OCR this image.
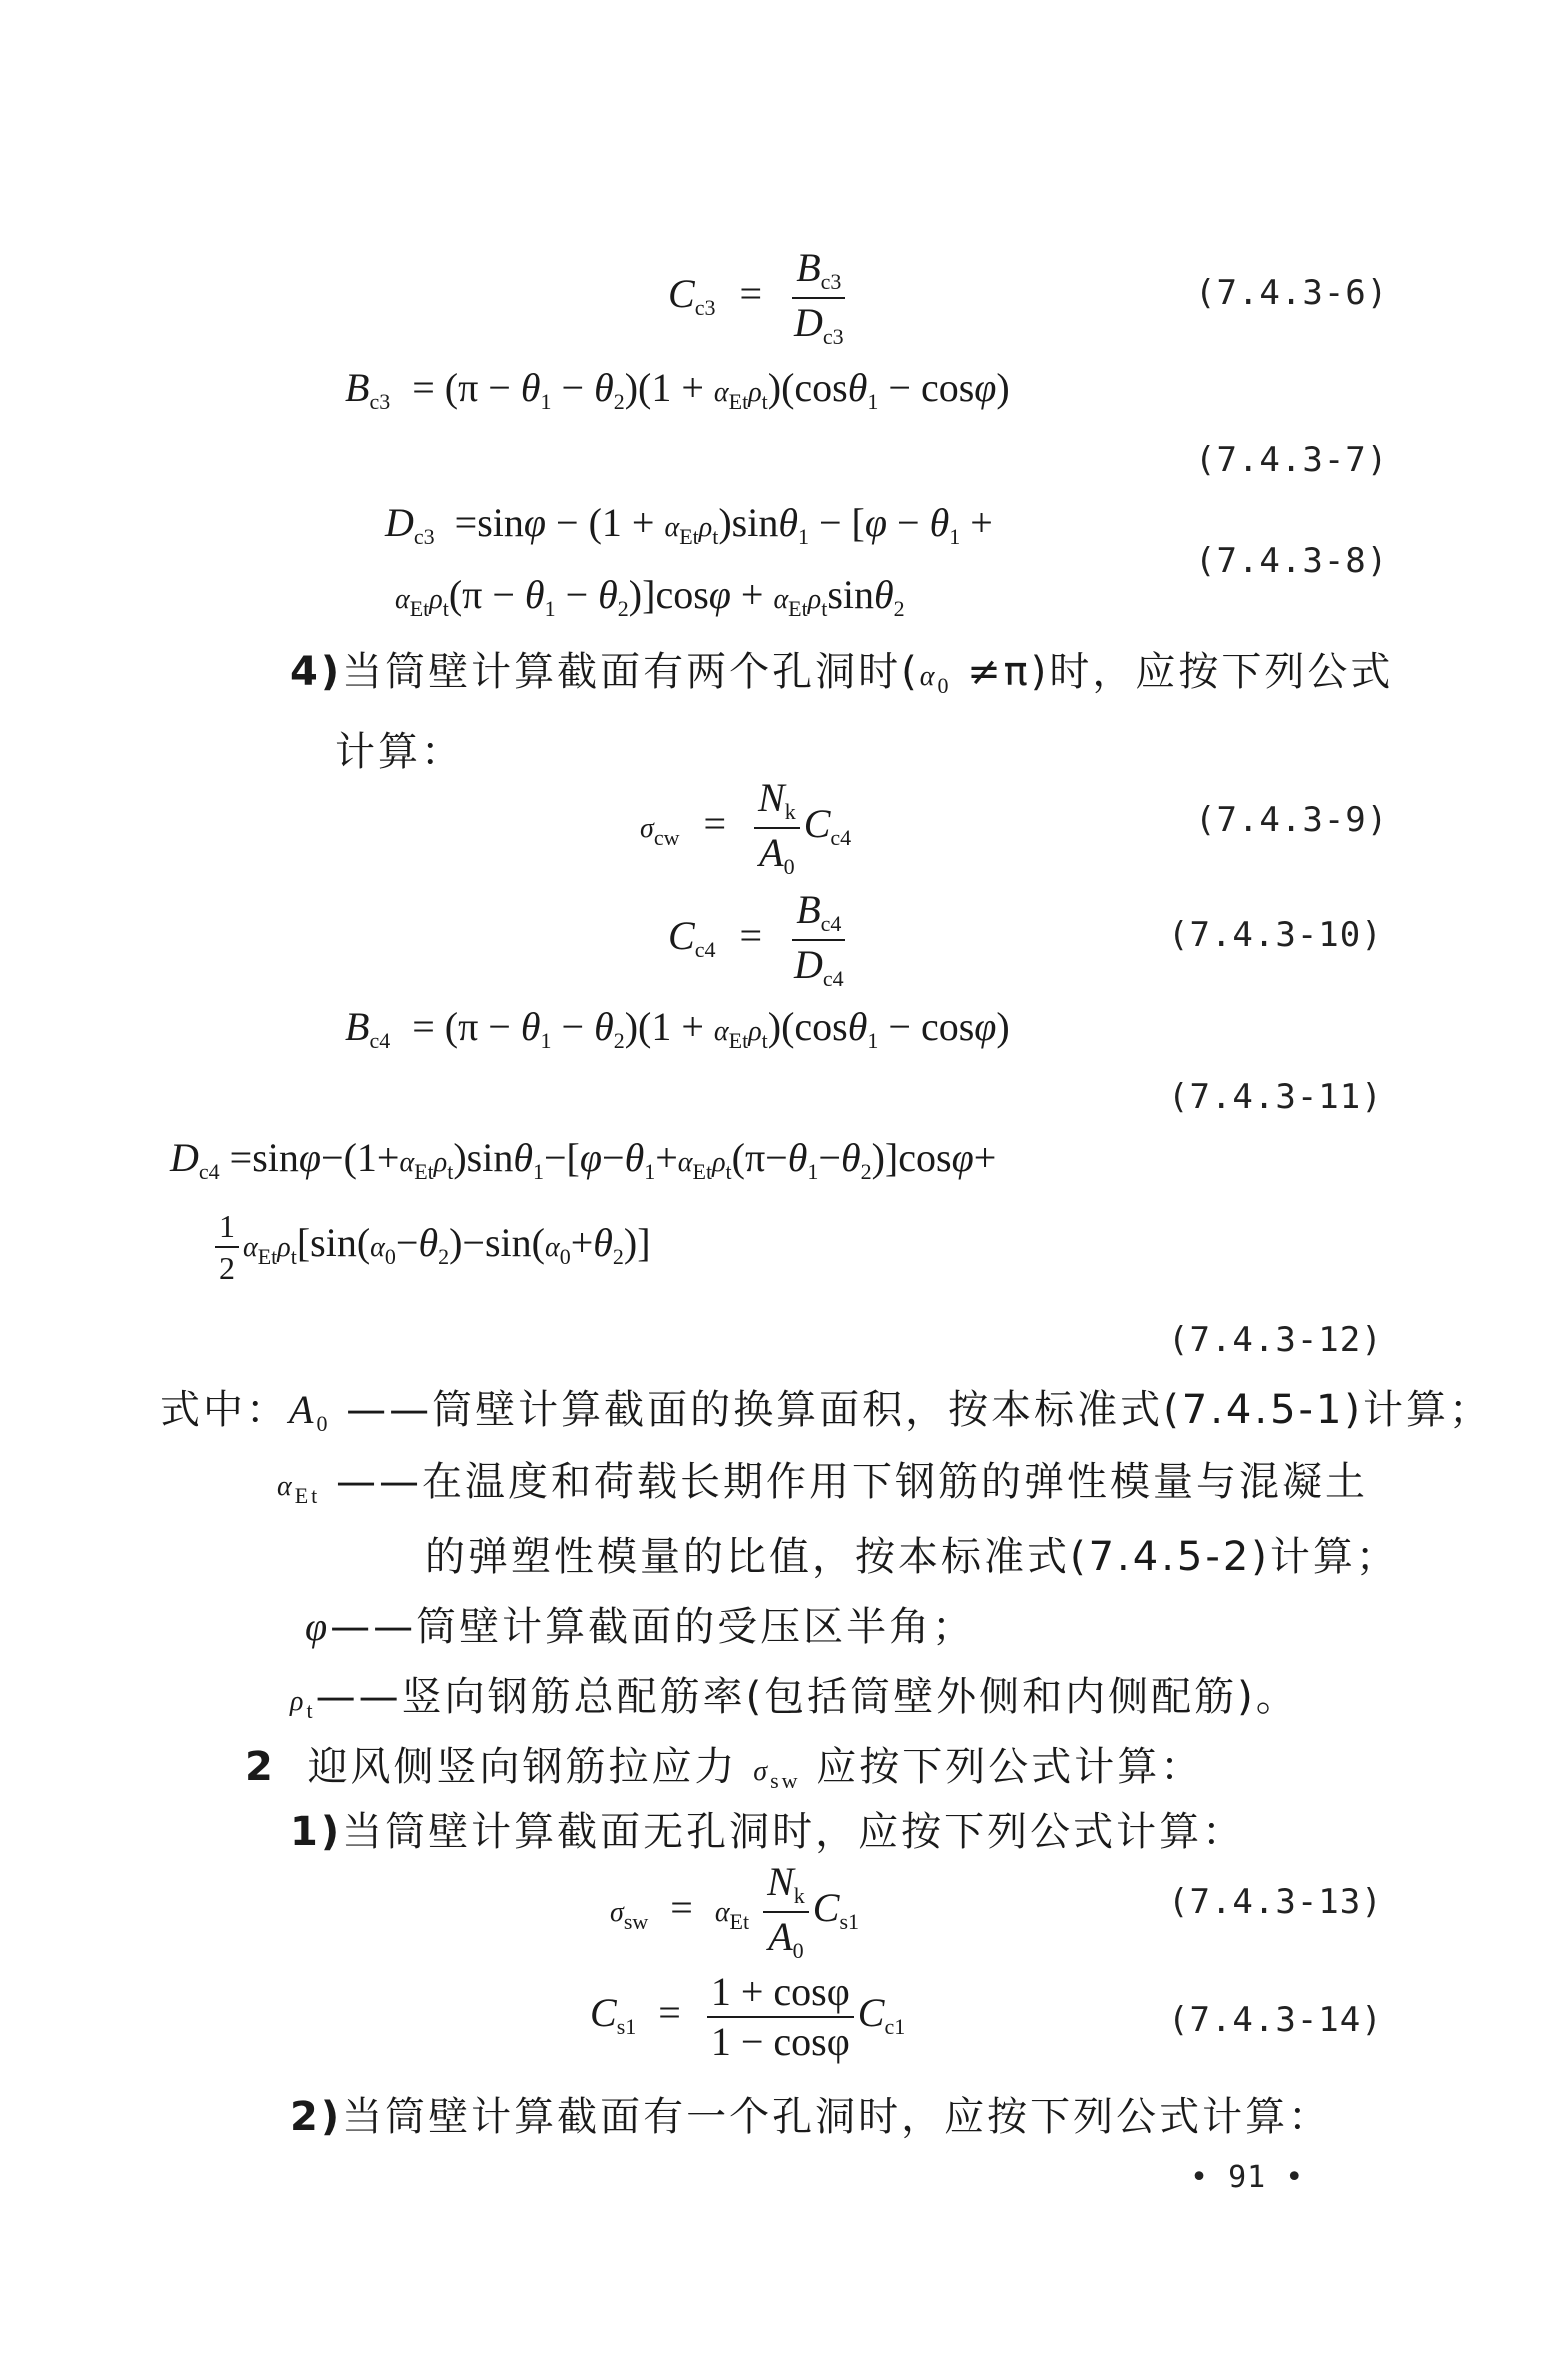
$C_{c3} = \frac{B_{c3}}{D_{c3}}$	(7.4.3-6)
$B_{c3} = (\pi - \theta_1 - \theta_2)(1 + \alpha_{Et}\rho_t)(\cos\theta_1 - \cos\varphi)$
(7.4.3-7)
$D_{c3} =\sin\varphi - (1 + \alpha_{Et}\rho_t)\sin\theta_1 - [\varphi - \theta_1$ +
$\alpha_{Et}\rho_t(\pi - \theta_1 - \theta_2)]\cos\varphi + \alpha_{Et}\rho_t\sin\theta_2$
(7.4.3-8)
4)当筒壁计算截面有两个孔洞时$(\alpha_0 \ne\pi)$时，应按下列公式
计算：
$\sigma_{cw} = \frac{N_k}{A_0} C_{c4}$	(7.4.3-9)
$C_{c4} = \frac{B_{c4}}{D_{c4}}$	(7.4.3-10)
$B_{c4} = (\pi - \theta_1 - \theta_2)(1 + \alpha_{Et}\rho_t)(\cos\theta_1 - \cos\varphi)$
(7.4.3-11)
$D_{c4} =\sin\varphi-(1+\alpha_{Et}\rho_t)\sin\theta_1-[\varphi-\theta_1+\alpha_{Et}\rho_t(\pi-\theta_1-\theta_2)]\cos\varphi+$
$\frac{1}{2} \alpha_{Et}\rho_t[\sin(\alpha_0-\theta_2)-\sin(\alpha_0+\theta_2)]$
(7.4.3-12)
式中：$A_0$ ——筒壁计算截面的换算面积，按本标准式(7.4.5-1)计算；
$\alpha_{Et}$ ——在温度和荷载长期作用下钢筋的弹性模量与混凝土
的弹塑性模量的比值，按本标准式(7.4.5-2)计算；
φ——筒壁计算截面的受压区半角；
$\rho_t——$竖向钢筋总配筋率(包括筒壁外侧和内侧配筋)。
2 迎风侧竖向钢筋拉应力 $\sigma_{sw}$ 应按下列公式计算：
1)当筒壁计算截面无孔洞时，应按下列公式计算：
$\sigma_{sw} = \alpha_{Et} \frac{N_k}{A_0} C_{s1}$	(7.4.3-13)
$C_{s1} = \frac{1 + \cos\varphi}{1 - \cos\varphi} C_{c1}$	(7.4.3-14)
2)当筒壁计算截面有一个孔洞时，应按下列公式计算：
• 91 •
